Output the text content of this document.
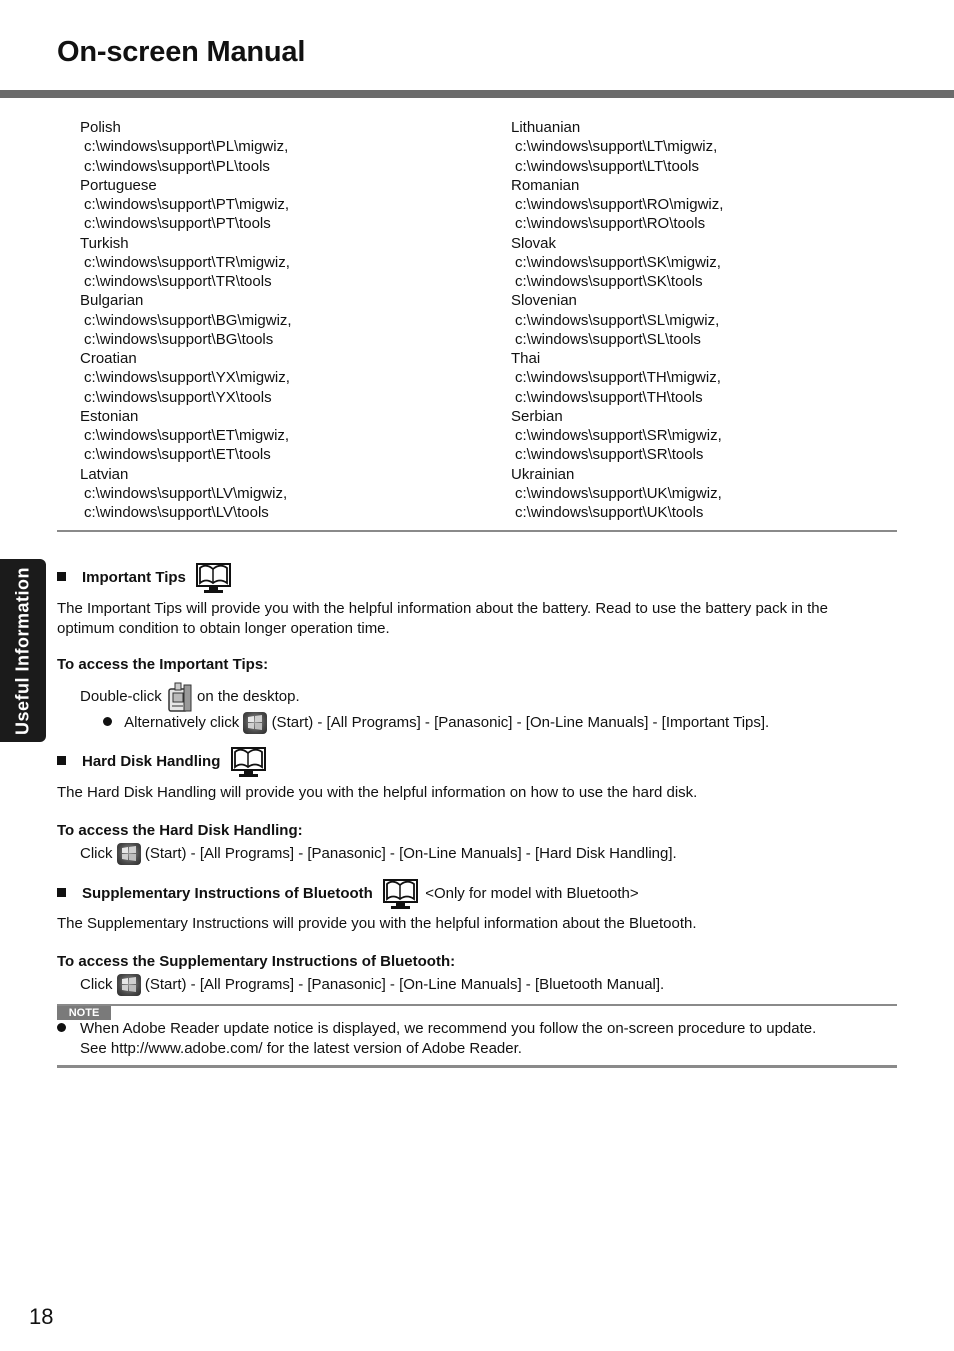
On-screen Manual
Polish
c:\windows\support\PL\migwiz,
c:\windows\support\PL\tools
Portuguese
c:\windows\support\PT\migwiz,
c:\windows\support\PT\tools
Turkish
c:\windows\support\TR\migwiz,
c:\windows\support\TR\tools
Bulgarian
c:\windows\support\BG\migwiz,
c:\windows\support\BG\tools
Croatian
c:\windows\support\YX\migwiz,
c:\windows\support\YX\tools
Estonian
c:\windows\support\ET\migwiz,
c:\windows\support\ET\tools
Latvian
c:\windows\support\LV\migwiz,
c:\windows\support\LV\tools
Lithuanian
c:\windows\support\LT\migwiz,
c:\windows\support\LT\tools
Romanian
c:\windows\support\RO\migwiz,
c:\windows\support\RO\tools
Slovak
c:\windows\support\SK\migwiz,
c:\windows\support\SK\tools
Slovenian
c:\windows\support\SL\migwiz,
c:\windows\support\SL\tools
Thai
c:\windows\support\TH\migwiz,
c:\windows\support\TH\tools
Serbian
c:\windows\support\SR\migwiz,
c:\windows\support\SR\tools
Ukrainian
c:\windows\support\UK\migwiz,
c:\windows\support\UK\tools
Useful Information	Important Tips
The Important Tips will provide you with the helpful information about the battery. Read to use the battery pack in the optimum condition to obtain longer operation time.
To access the Important Tips:
Double-click on the desktop.
Alternatively click (Start) - [All Programs] - [Panasonic] - [On-Line Manuals] - [Important Tips].
Hard Disk Handling
The Hard Disk Handling will provide you with the helpful information on how to use the hard disk.
To access the Hard Disk Handling:
Click (Start) - [All Programs] - [Panasonic] - [On-Line Manuals] - [Hard Disk Handling].
Supplementary Instructions of Bluetooth	<Only for model with Bluetooth>
The Supplementary Instructions will provide you with the helpful information about the Bluetooth.
To access the Supplementary Instructions of Bluetooth:
Click (Start) - [All Programs] - [Panasonic] - [On-Line Manuals] - [Bluetooth Manual].
NOTE
When Adobe Reader update notice is displayed, we recommend you follow the on-screen procedure to update.
See http://www.adobe.com/ for the latest version of Adobe Reader.
18
